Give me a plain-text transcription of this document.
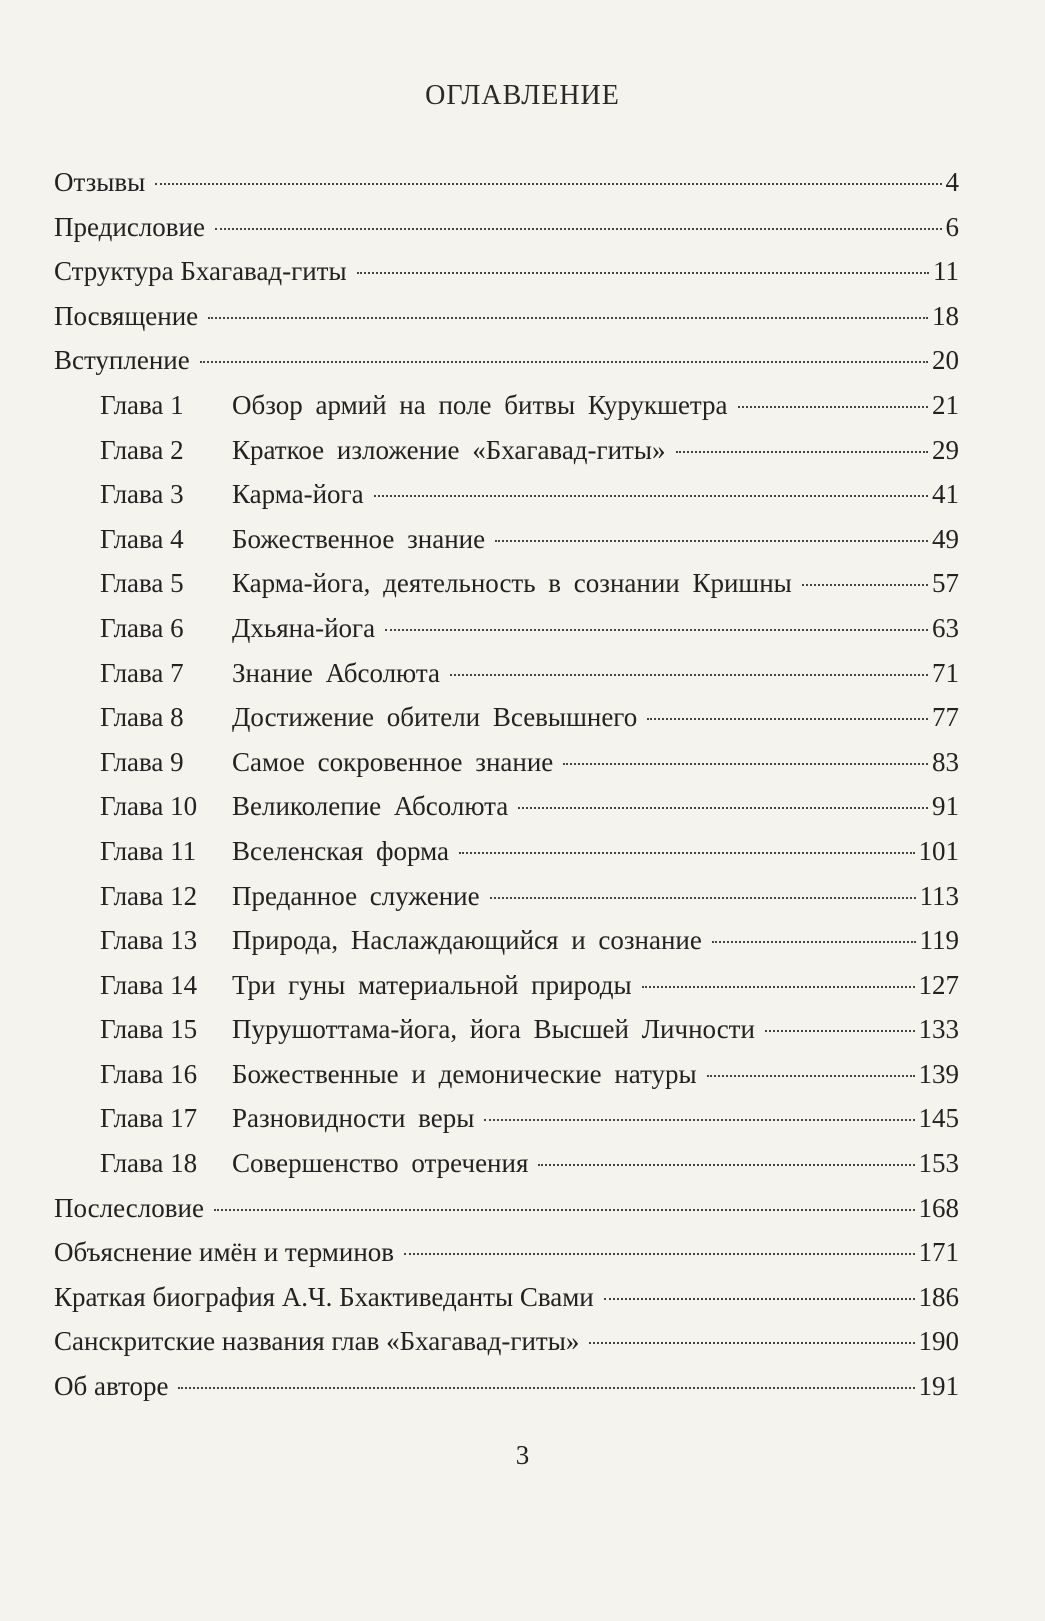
ОГЛАВЛЕНИЕ
Отзывы	4
Предисловие	6
Структура Бхагавад-гиты	11
Посвящение	18
Вступление	20
Глава 1	Обзор армий на поле битвы Курукшетра	21
Глава 2	Краткое изложение «Бхагавад-гиты»	29
Глава 3	Карма-йога	41
Глава 4	Божественное знание	49
Глава 5	Карма-йога, деятельность в сознании Кришны	57
Глава 6	Дхьяна-йога	63
Глава 7	Знание Абсолюта	71
Глава 8	Достижение обители Всевышнего	77
Глава 9	Самое сокровенное знание	83
Глава 10	Великолепие Абсолюта	91
Глава 11	Вселенская форма	101
Глава 12	Преданное служение	113
Глава 13	Природа, Наслаждающийся и сознание	119
Глава 14	Три гуны материальной природы	127
Глава 15	Пурушоттама-йога, йога Высшей Личности	133
Глава 16	Божественные и демонические натуры	139
Глава 17	Разновидности веры	145
Глава 18	Совершенство отречения	153
Послесловие	168
Объяснение имён и терминов	171
Краткая биография А.Ч. Бхактиведанты Свами	186
Санскритские названия глав «Бхагавад-гиты»	190
Об авторе	191
3
